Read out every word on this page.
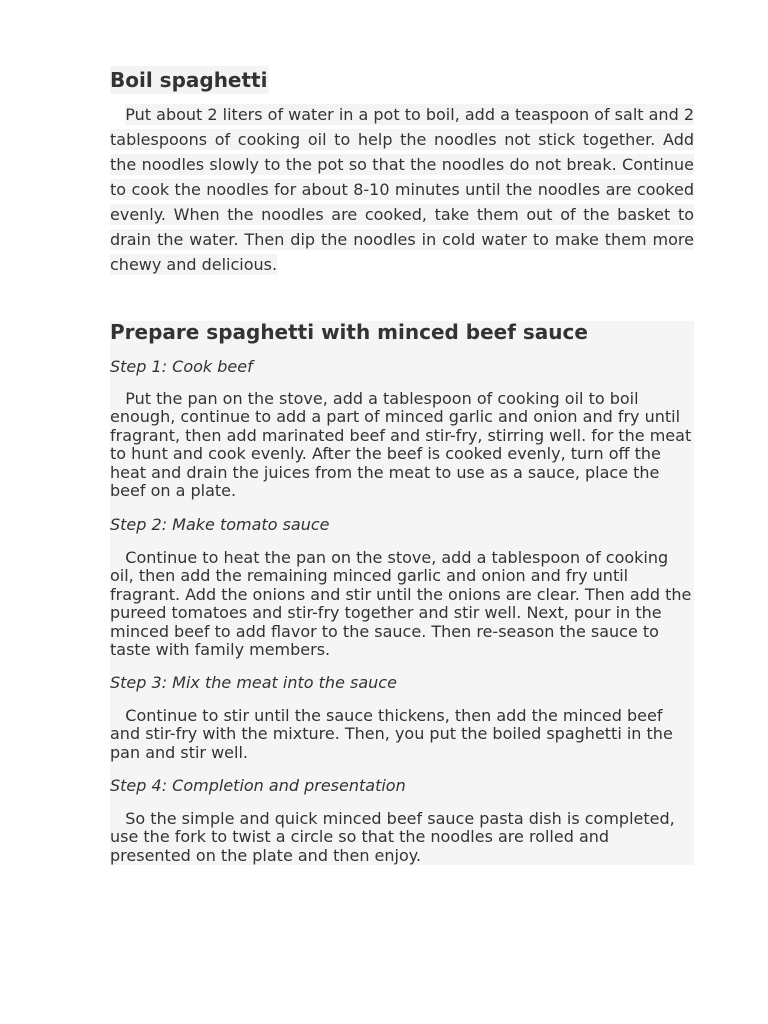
Boil spaghetti

Put about 2 liters of water in a pot to boil, add a teaspoon of salt and 2 tablespoons of cooking oil to help the noodles not stick together. Add the noodles slowly to the pot so that the noodles do not break. Continue to cook the noodles for about 8-10 minutes until the noodles are cooked evenly. When the noodles are cooked, take them out of the basket to drain the water. Then dip the noodles in cold water to make them more chewy and delicious.

Prepare spaghetti with minced beef sauce

Step 1: Cook beef

Put the pan on the stove, add a tablespoon of cooking oil to boil enough, continue to add a part of minced garlic and onion and fry until fragrant, then add marinated beef and stir-fry, stirring well. for the meat to hunt and cook evenly. After the beef is cooked evenly, turn off the heat and drain the juices from the meat to use as a sauce, place the beef on a plate.

Step 2: Make tomato sauce

Continue to heat the pan on the stove, add a tablespoon of cooking oil, then add the remaining minced garlic and onion and fry until fragrant. Add the onions and stir until the onions are clear. Then add the pureed tomatoes and stir-fry together and stir well. Next, pour in the minced beef to add flavor to the sauce. Then re-season the sauce to taste with family members.

Step 3: Mix the meat into the sauce

Continue to stir until the sauce thickens, then add the minced beef and stir-fry with the mixture. Then, you put the boiled spaghetti in the pan and stir well.

Step 4: Completion and presentation

So the simple and quick minced beef sauce pasta dish is completed, use the fork to twist a circle so that the noodles are rolled and presented on the plate and then enjoy.
